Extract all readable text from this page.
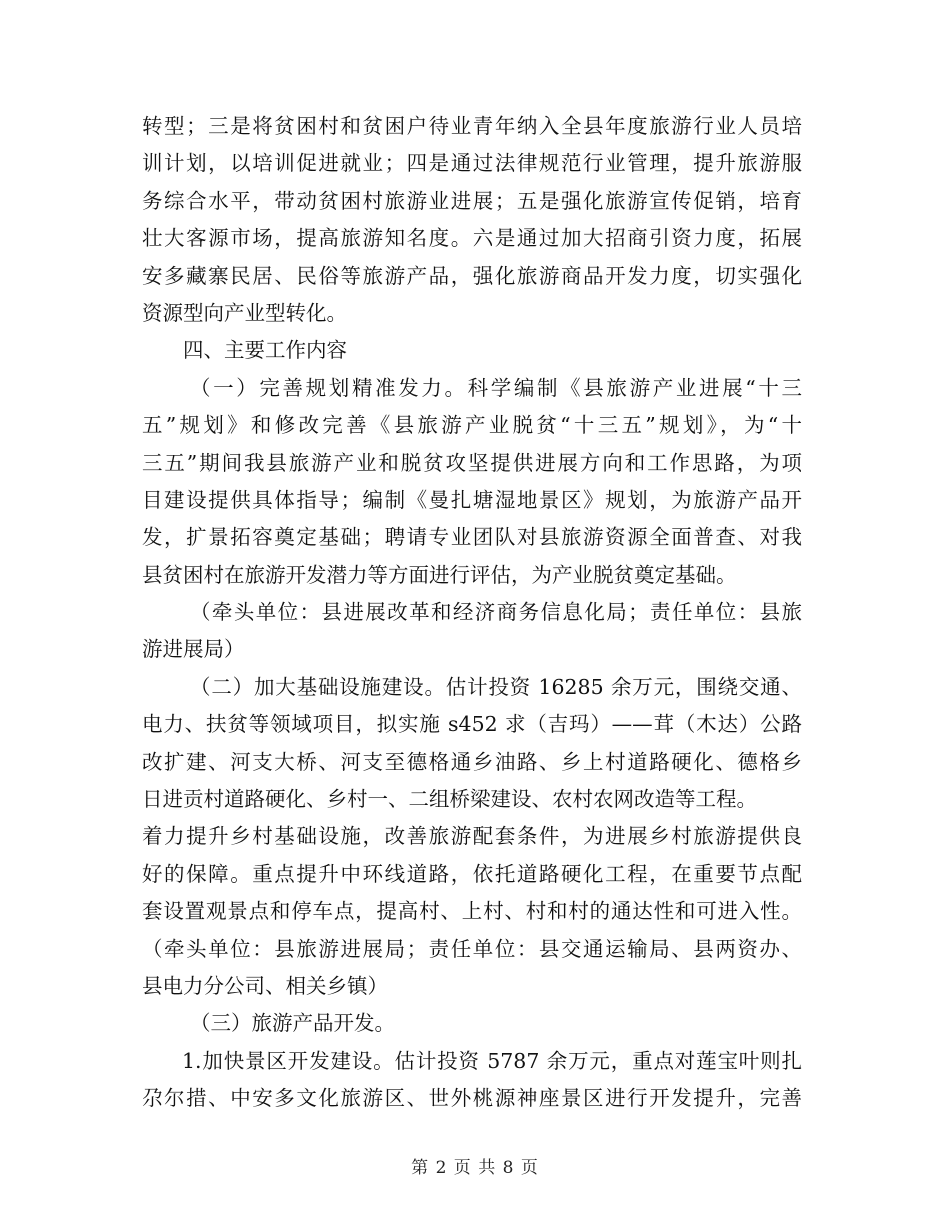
转型；三是将贫困村和贫困户待业青年纳入全县年度旅游行业人员培
训计划，以培训促进就业；四是通过法律规范行业管理，提升旅游服
务综合水平，带动贫困村旅游业进展；五是强化旅游宣传促销，培育
壮大客源市场，提高旅游知名度。六是通过加大招商引资力度，拓展
安多藏寨民居、民俗等旅游产品，强化旅游商品开发力度，切实强化
资源型向产业型转化。
四、主要工作内容
（一）完善规划精准发力。科学编制《县旅游产业进展“十三
五”规划》和修改完善《县旅游产业脱贫“十三五”规划》，为“十
三五”期间我县旅游产业和脱贫攻坚提供进展方向和工作思路，为项
目建设提供具体指导；编制《曼扎塘湿地景区》规划，为旅游产品开
发，扩景拓容奠定基础；聘请专业团队对县旅游资源全面普查、对我
县贫困村在旅游开发潜力等方面进行评估，为产业脱贫奠定基础。
（牵头单位：县进展改革和经济商务信息化局；责任单位：县旅
游进展局）
（二）加大基础设施建设。估计投资 16285 余万元，围绕交通、
电力、扶贫等领域项目，拟实施 s452 求（吉玛）——茸（木达）公路
改扩建、河支大桥、河支至德格通乡油路、乡上村道路硬化、德格乡
日进贡村道路硬化、乡村一、二组桥梁建设、农村农网改造等工程。
着力提升乡村基础设施，改善旅游配套条件，为进展乡村旅游提供良
好的保障。重点提升中环线道路，依托道路硬化工程，在重要节点配
套设置观景点和停车点，提高村、上村、村和村的通达性和可进入性。
（牵头单位：县旅游进展局；责任单位：县交通运输局、县两资办、
县电力分公司、相关乡镇）
（三）旅游产品开发。
1.加快景区开发建设。估计投资 5787 余万元，重点对莲宝叶则扎
尕尔措、中安多文化旅游区、世外桃源神座景区进行开发提升，完善
第 2 页 共 8 页
